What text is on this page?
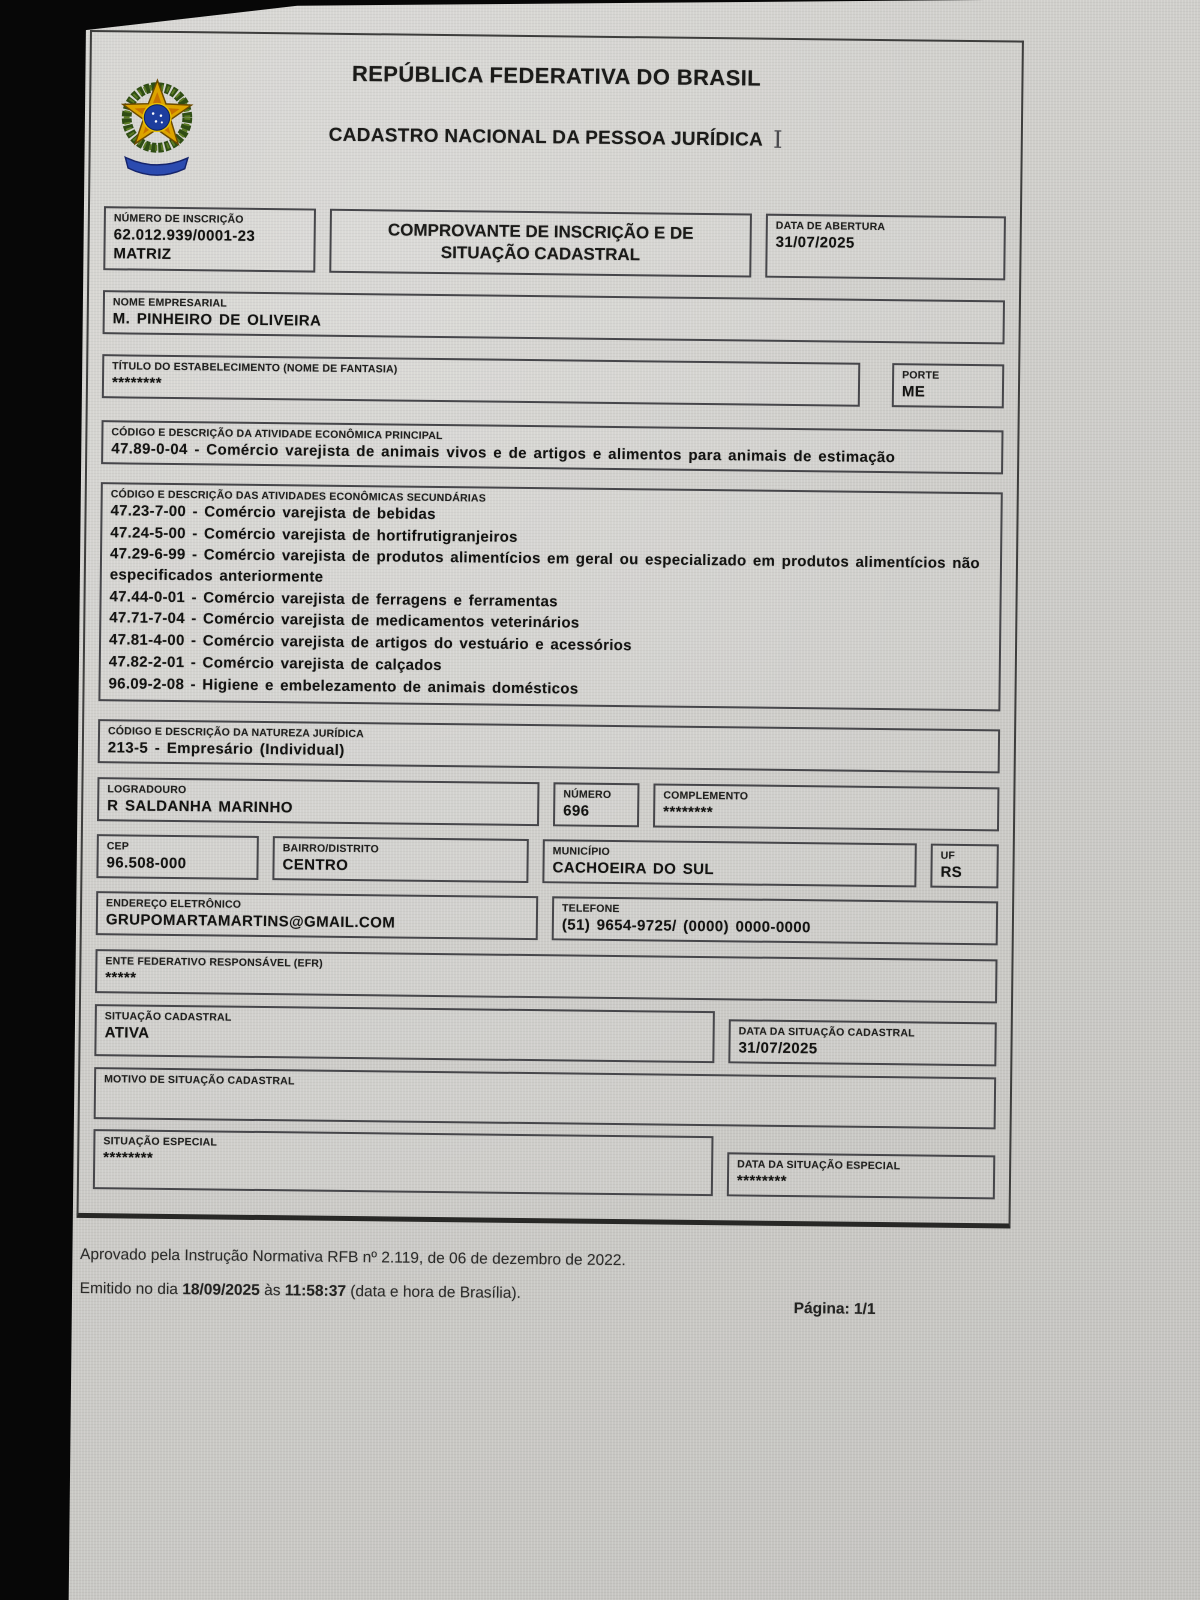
REPÚBLICA FEDERATIVA DO BRASIL
CADASTRO NACIONAL DA PESSOA JURÍDICA I
NÚMERO DE INSCRIÇÃO
62.012.939/0001-23
MATRIZ
COMPROVANTE DE INSCRIÇÃO E DE SITUAÇÃO CADASTRAL
DATA DE ABERTURA
31/07/2025
NOME EMPRESARIAL
M. PINHEIRO DE OLIVEIRA
TÍTULO DO ESTABELECIMENTO (NOME DE FANTASIA)
********	PORTE
ME
CÓDIGO E DESCRIÇÃO DA ATIVIDADE ECONÔMICA PRINCIPAL
47.89-0-04 - Comércio varejista de animais vivos e de artigos e alimentos para animais de estimação
CÓDIGO E DESCRIÇÃO DAS ATIVIDADES ECONÔMICAS SECUNDÁRIAS
47.23-7-00 - Comércio varejista de bebidas
47.24-5-00 - Comércio varejista de hortifrutigranjeiros
47.29-6-99 - Comércio varejista de produtos alimentícios em geral ou especializado em produtos alimentícios não especificados anteriormente
47.44-0-01 - Comércio varejista de ferragens e ferramentas
47.71-7-04 - Comércio varejista de medicamentos veterinários
47.81-4-00 - Comércio varejista de artigos do vestuário e acessórios
47.82-2-01 - Comércio varejista de calçados
96.09-2-08 - Higiene e embelezamento de animais domésticos
CÓDIGO E DESCRIÇÃO DA NATUREZA JURÍDICA
213-5 - Empresário (Individual)
LOGRADOURO
R SALDANHA MARINHO
NÚMERO
696
COMPLEMENTO
********
CEP
96.508-000
BAIRRO/DISTRITO
CENTRO
MUNICÍPIO
CACHOEIRA DO SUL
UF
RS
ENDEREÇO ELETRÔNICO
GRUPOMARTAMARTINS@GMAIL.COM
TELEFONE
(51) 9654-9725/ (0000) 0000-0000
ENTE FEDERATIVO RESPONSÁVEL (EFR)
*****
SITUAÇÃO CADASTRAL
ATIVA	DATA DA SITUAÇÃO CADASTRAL
31/07/2025
MOTIVO DE SITUAÇÃO CADASTRAL
SITUAÇÃO ESPECIAL
********	DATA DA SITUAÇÃO ESPECIAL
********

Aprovado pela Instrução Normativa RFB nº 2.119, de 06 de dezembro de 2022.

Emitido no dia 18/09/2025 às 11:58:37 (data e hora de Brasília).

Página: 1/1
